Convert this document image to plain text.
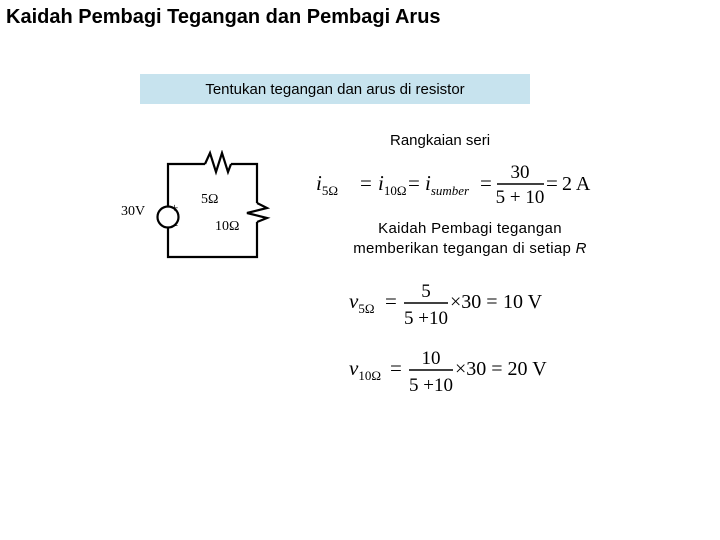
Kaidah Pembagi Tegangan dan Pembagi Arus
Tentukan tegangan dan arus di resistor
Rangkaian seri
+
−
30V
5Ω
10Ω
$i_{5\Omega} = i_{10\Omega} = i_{sumber} = 30$
5 + 10
= 2 A
Kaidah Pembagi tegangan memberikan tegangan di setiap R
$v_{5\Omega} = 5$
5 +10
×30 = 10 V
$v_{10\Omega} = 10$
5 +10
×30 = 20 V
